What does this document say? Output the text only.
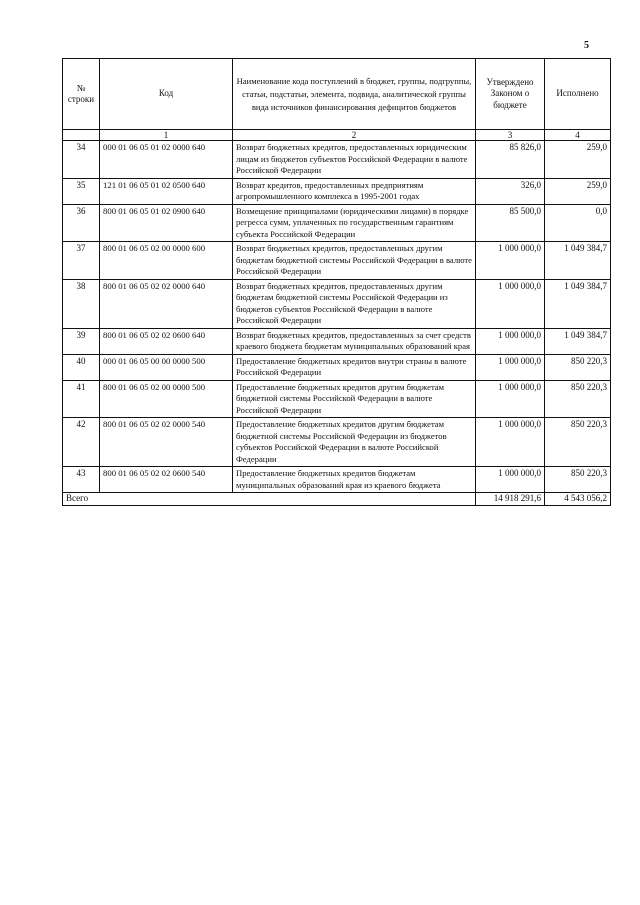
5
№ строки	Код	Наименование кода поступлений в бюджет, группы, подгруппы, статьи, подстатьи, элемента, подвида, аналитической группы вида источников финансирования дефицитов бюджетов	Утверждено Законом о бюджете	Исполнено
	1	2	3	4
34	000 01 06 05 01 02 0000 640	Возврат бюджетных кредитов, предоставленных юридическим лицам из бюджетов субъектов Российской Федерации в валюте Российской Федерации	85 826,0	259,0
35	121 01 06 05 01 02 0500 640	Возврат кредитов, предоставленных предприятиям агропромышленного комплекса в 1995-2001 годах	326,0	259,0
36	800 01 06 05 01 02 0900 640	Возмещение принципалами (юридическими лицами) в порядке регресса сумм, уплаченных по государственным гарантиям субъекта Российской Федерации	85 500,0	0,0
37	800 01 06 05 02 00 0000 600	Возврат бюджетных кредитов, предоставленных другим бюджетам бюджетной системы Российской Федерации в валюте Российской Федерации	1 000 000,0	1 049 384,7
38	800 01 06 05 02 02 0000 640	Возврат бюджетных кредитов, предоставленных другим бюджетам бюджетной системы Российской Федерации из бюджетов субъектов Российской Федерации в валюте Российской Федерации	1 000 000,0	1 049 384,7
39	800 01 06 05 02 02 0600 640	Возврат бюджетных кредитов, предоставленных за счет средств краевого бюджета бюджетам муниципальных образований края	1 000 000,0	1 049 384,7
40	000 01 06 05 00 00 0000 500	Предоставление бюджетных кредитов внутри страны в валюте Российской Федерации	1 000 000,0	850 220,3
41	800 01 06 05 02 00 0000 500	Предоставление бюджетных кредитов другим бюджетам бюджетной системы Российской Федерации в валюте Российской Федерации	1 000 000,0	850 220,3
42	800 01 06 05 02 02 0000 540	Предоставление бюджетных кредитов другим бюджетам бюджетной системы Российской Федерации из бюджетов субъектов Российской Федерации в валюте Российской Федерации	1 000 000,0	850 220,3
43	800 01 06 05 02 02 0600 540	Предоставление бюджетных кредитов бюджетам муниципальных образований края из краевого бюджета	1 000 000,0	850 220,3
Всего			14 918 291,6	4 543 056,2
